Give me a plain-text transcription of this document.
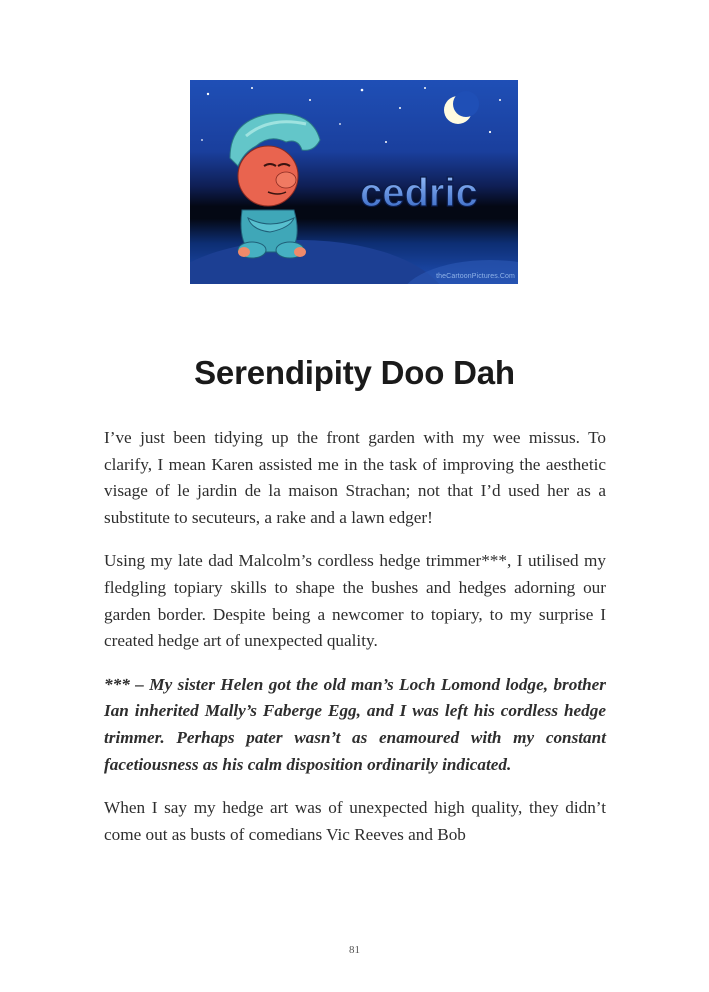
cedric
theCartoonPictures.Com
Serendipity Doo Dah

I’ve just been tidying up the front garden with my wee missus. To clarify, I mean Karen assisted me in the task of improving the aesthetic visage of le jardin de la maison Strachan; not that I’d used her as a substitute to secuteurs, a rake and a lawn edger!

Using my late dad Malcolm’s cordless hedge trimmer***, I utilised my fledgling topiary skills to shape the bushes and hedges adorning our garden border. Despite being a newcomer to topiary, to my surprise I created hedge art of unexpected quality.

*** – My sister Helen got the old man’s Loch Lomond lodge, brother Ian inherited Mally’s Faberge Egg, and I was left his cordless hedge trimmer. Perhaps pater wasn’t as enamoured with my constant facetiousness as his calm disposition ordinarily indicated.

When I say my hedge art was of unexpected high quality, they didn’t come out as busts of comedians Vic Reeves and Bob

81
